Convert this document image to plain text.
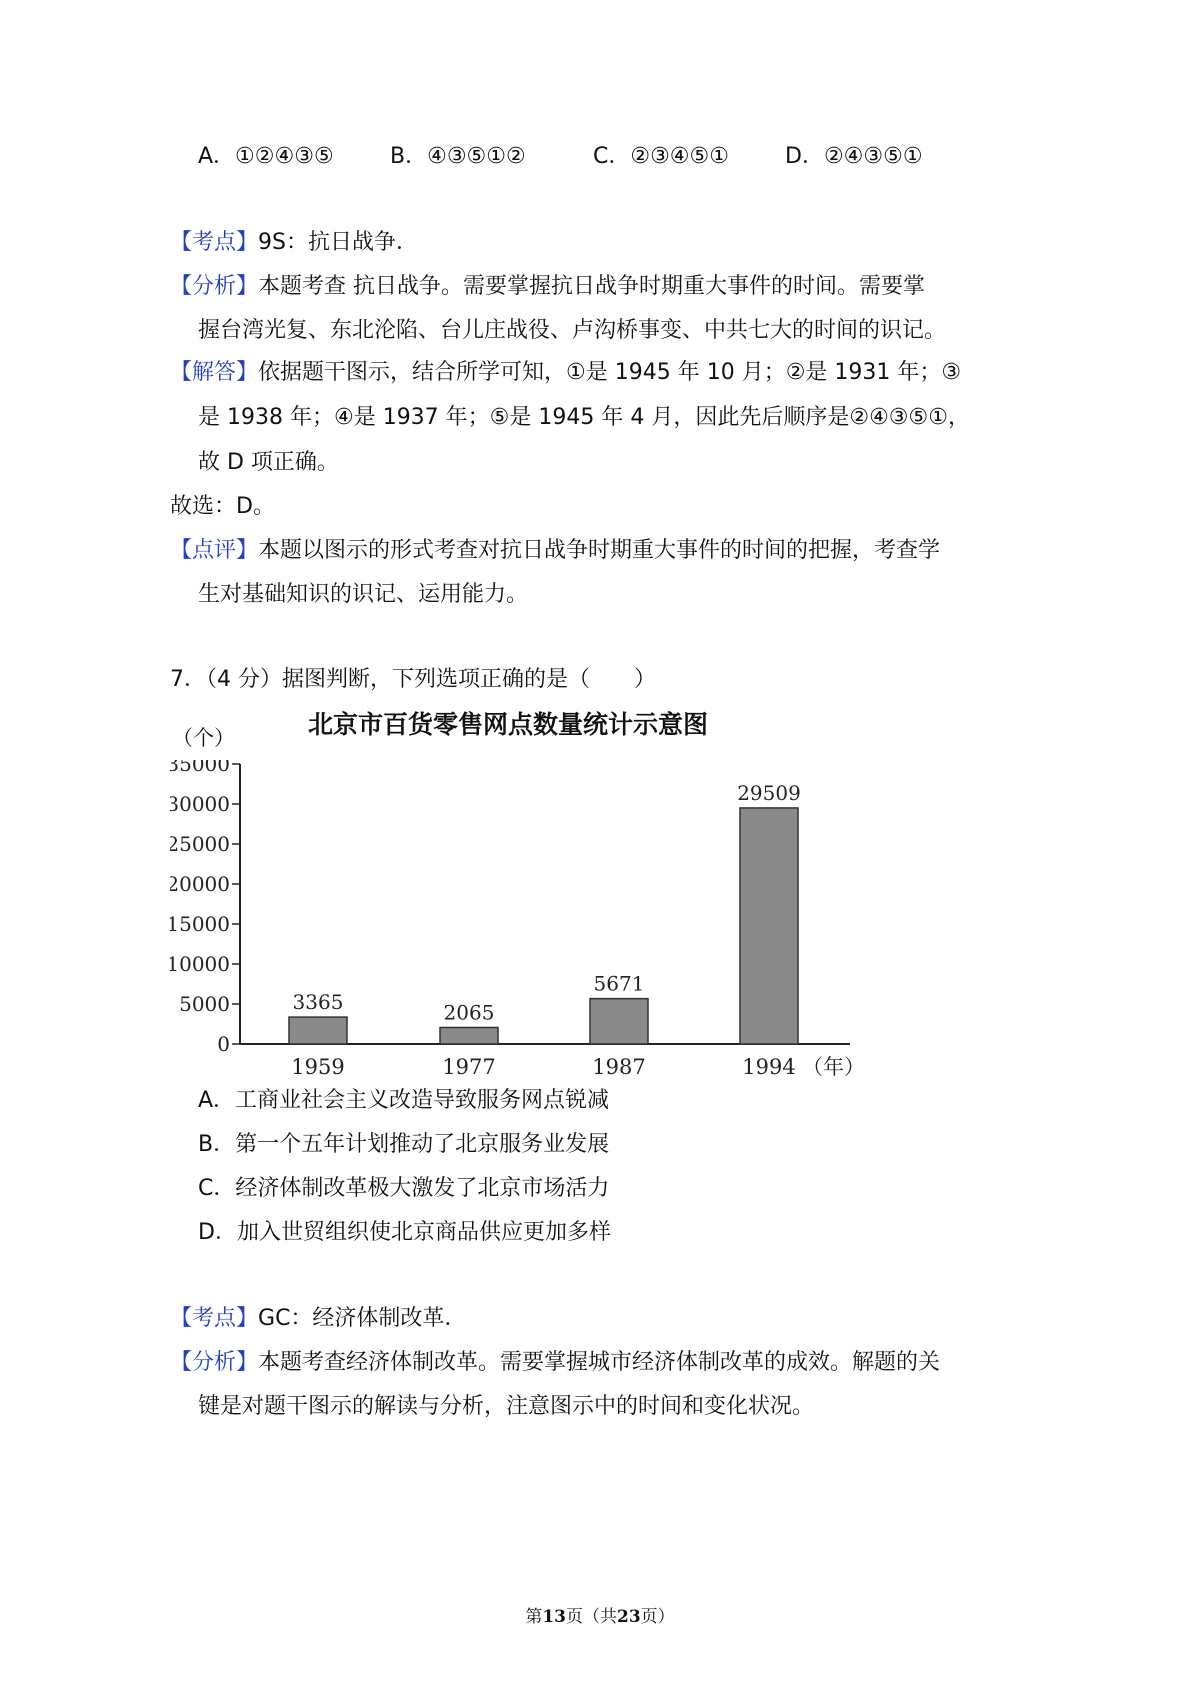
A．①②④③⑤	B．④③⑤①②	C．②③④⑤①	D．②④③⑤①
【考点】9S：抗日战争．
【分析】本题考查 抗日战争。需要掌握抗日战争时期重大事件的时间。需要掌
握台湾光复、东北沦陷、台儿庄战役、卢沟桥事变、中共七大的时间的识记。
【解答】依据题干图示，结合所学可知，①是 1945 年 10 月；②是 1931 年；③
是 1938 年；④是 1937 年；⑤是 1945 年 4 月，因此先后顺序是②④③⑤①，
故 D 项正确。
故选：D。
【点评】本题以图示的形式考查对抗日战争时期重大事件的时间的把握，考查学
生对基础知识的识记、运用能力。
7．（4 分）据图判断，下列选项正确的是（　　）
北京市百货零售网点数量统计示意图
（个）
0
5000
10000
15000
20000
25000
30000
35000
3365
1959
2065
1977
5671
1987
29509
1994 （年）
A．工商业社会主义改造导致服务网点锐减
B．第一个五年计划推动了北京服务业发展
C．经济体制改革极大激发了北京市场活力
D．加入世贸组织使北京商品供应更加多样
【考点】GC：经济体制改革．
【分析】本题考查经济体制改革。需要掌握城市经济体制改革的成效。解题的关
键是对题干图示的解读与分析，注意图示中的时间和变化状况。
第13页（共23页）
